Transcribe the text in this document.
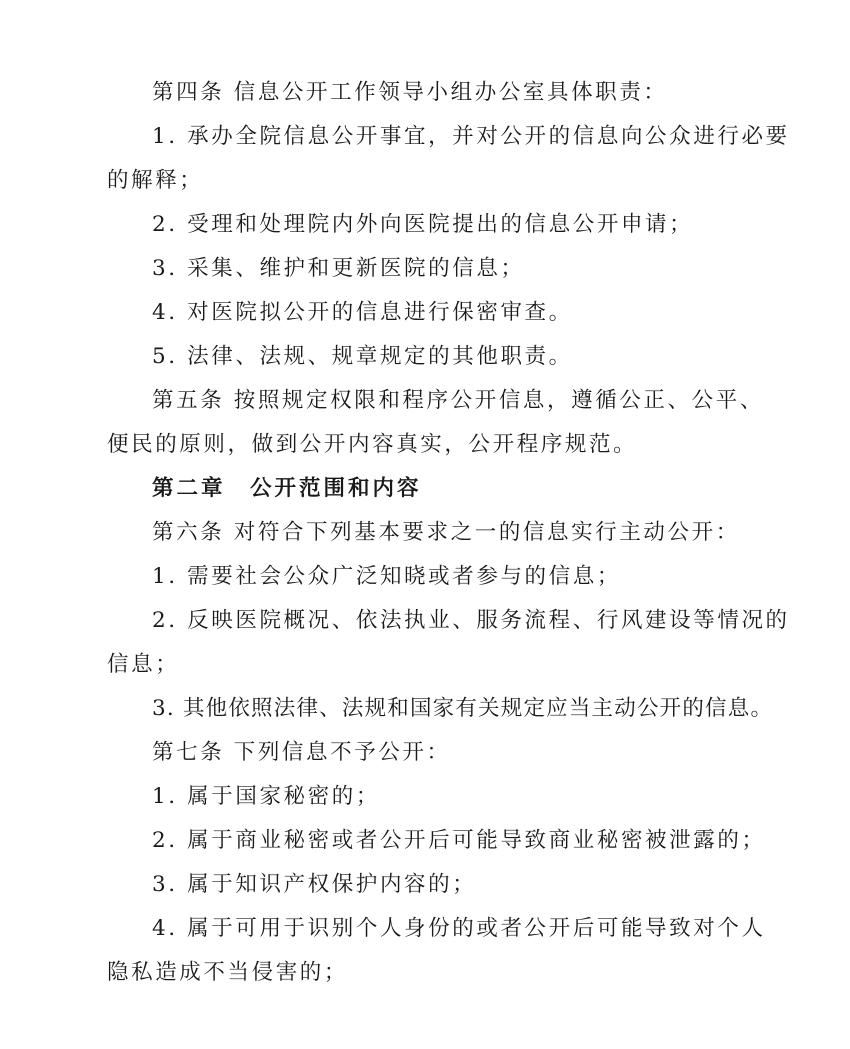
第四条 信息公开工作领导小组办公室具体职责：
1. 承办全院信息公开事宜，并对公开的信息向公众进行必要
的解释；
2. 受理和处理院内外向医院提出的信息公开申请；
3. 采集、维护和更新医院的信息；
4. 对医院拟公开的信息进行保密审查。
5. 法律、法规、规章规定的其他职责。
第五条 按照规定权限和程序公开信息，遵循公正、公平、
便民的原则，做到公开内容真实，公开程序规范。
第二章　公开范围和内容
第六条 对符合下列基本要求之一的信息实行主动公开：
1. 需要社会公众广泛知晓或者参与的信息；
2. 反映医院概况、依法执业、服务流程、行风建设等情况的
信息；
3. 其他依照法律、法规和国家有关规定应当主动公开的信息。
第七条 下列信息不予公开：
1. 属于国家秘密的；
2. 属于商业秘密或者公开后可能导致商业秘密被泄露的；
3. 属于知识产权保护内容的；
4. 属于可用于识别个人身份的或者公开后可能导致对个人
隐私造成不当侵害的；
